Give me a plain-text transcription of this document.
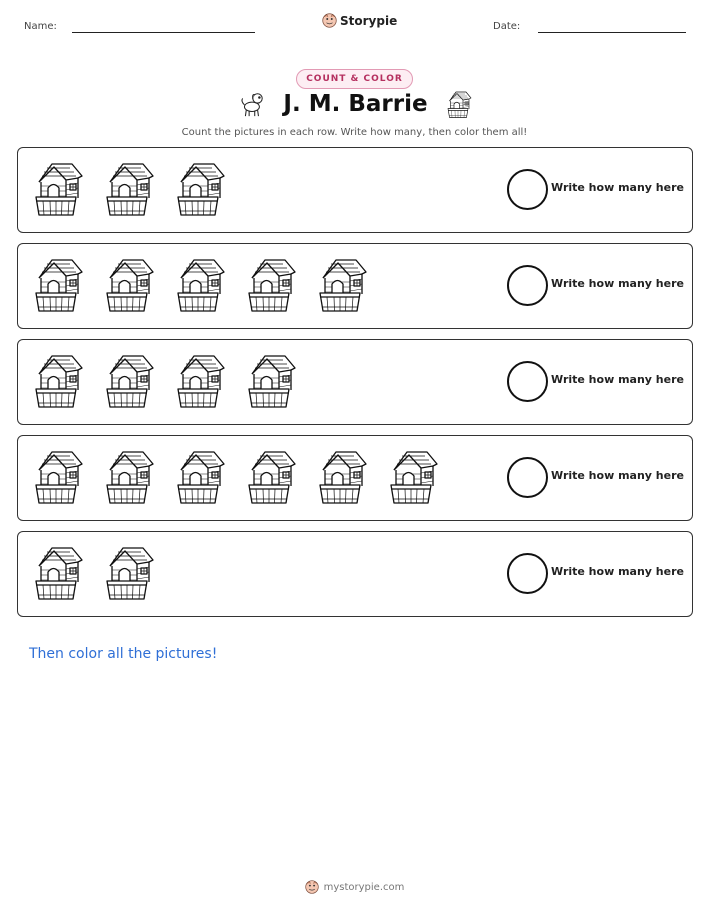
Name:	Storypie	Date:
COUNT & COLOR
J. M. Barrie
Count the pictures in each row. Write how many, then color them all!
Write how many here
Write how many here
Write how many here
Write how many here
Write how many here
Then color all the pictures!
mystorypie.com
